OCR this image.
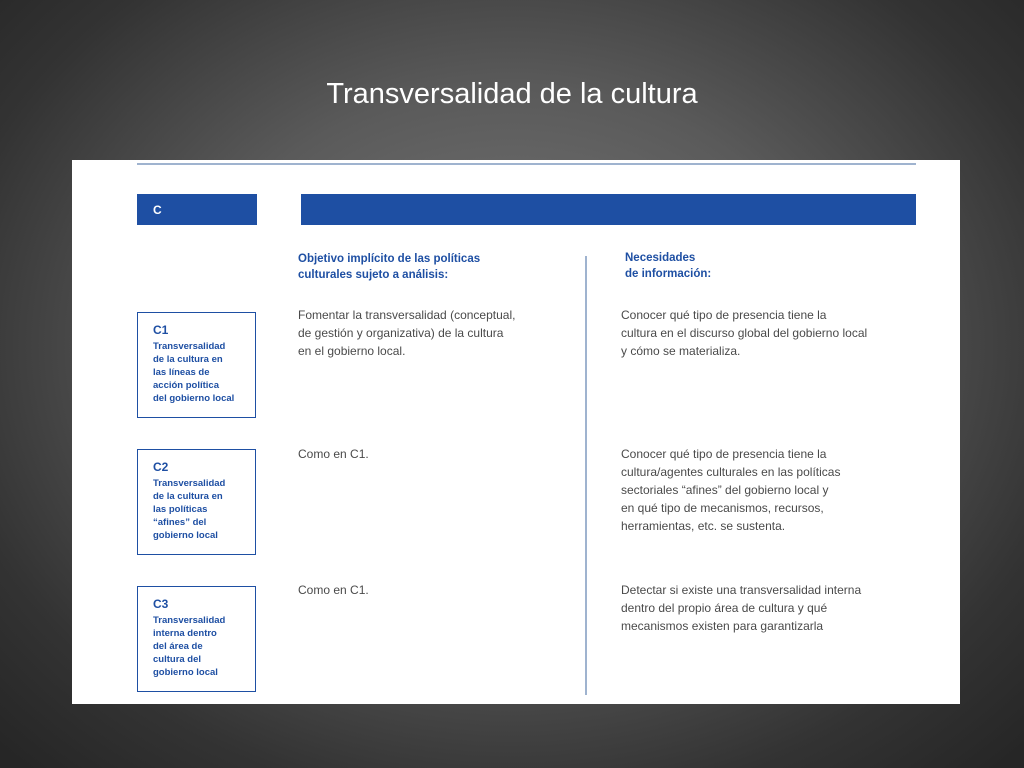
Transversalidad de la cultura
C
Objetivo implícito de las políticas
culturales sujeto a análisis:
Necesidades
de información:
C1
Transversalidad
de la cultura en
las líneas de
acción política
del gobierno local
Fomentar la transversalidad (conceptual,
de gestión y organizativa) de la cultura
en el gobierno local.
Conocer qué tipo de presencia tiene la
cultura en el discurso global del gobierno local
y cómo se materializa.
C2
Transversalidad
de la cultura en
las políticas
“afines” del
gobierno local
Como en C1.	Conocer qué tipo de presencia tiene la
cultura/agentes culturales en las políticas
sectoriales “afines” del gobierno local y
en qué tipo de mecanismos, recursos,
herramientas, etc. se sustenta.
C3
Transversalidad
interna dentro
del área de
cultura del
gobierno local
Como en C1.	Detectar si existe una transversalidad interna
dentro del propio área de cultura y qué
mecanismos existen para garantizarla
